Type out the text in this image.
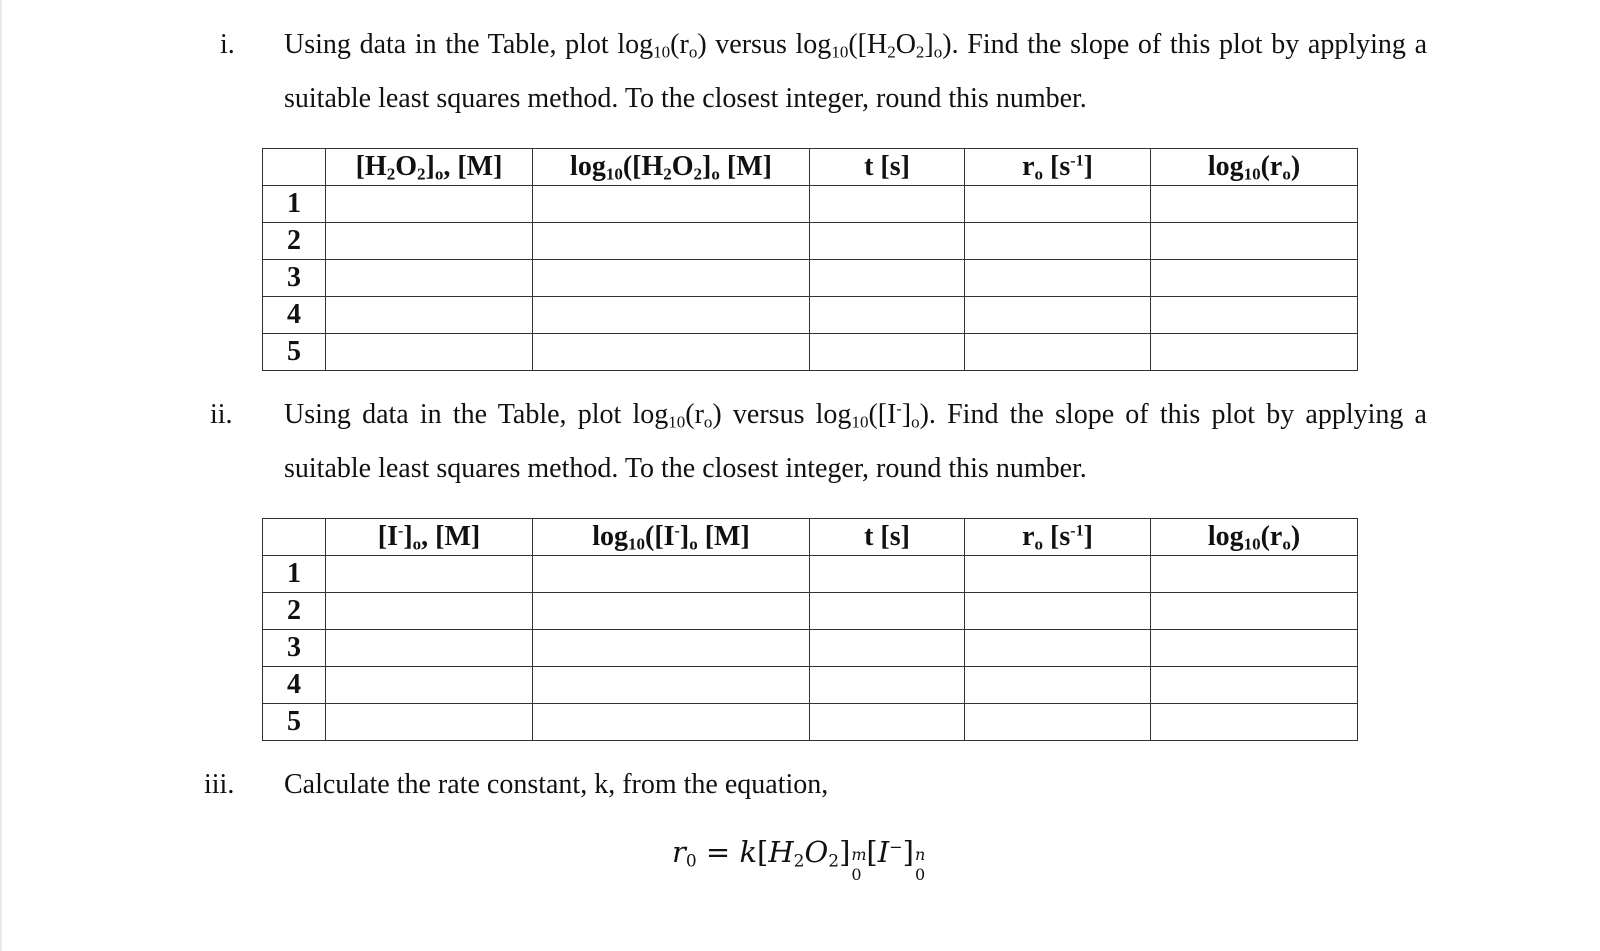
i. Using data in the Table, plot $\log_{10}(r_o)$ versus $\log_{10}([H_2O_2]_o)$. Find the slope of this plot by applying a suitable least squares method. To the closest integer, round this number.
	$[H_2O_2]_o$, [M]	$\log_{10}([H_2O_2]_o$ [M]	t [s]	$r_o$ $[s^{-1}]$	$\log_{10}(r_o)$
1					
2					
3					
4					
5					
ii. Using data in the Table, plot $\log_{10}(r_o)$ versus $\log_{10}([I^-]_o)$. Find the slope of this plot by applying a suitable least squares method. To the closest integer, round this number.
	$[I^-]_o$, [M]	$\log_{10}([I^-]_o$ [M]	t [s]	$r_o$ $[s^{-1}]$	$\log_{10}(r_o)$
1					
2					
3					
4					
5					
iii. Calculate the rate constant, k, from the equation,
$r_0 = k[H_2O_2]$ m
0
[I−] n
0
